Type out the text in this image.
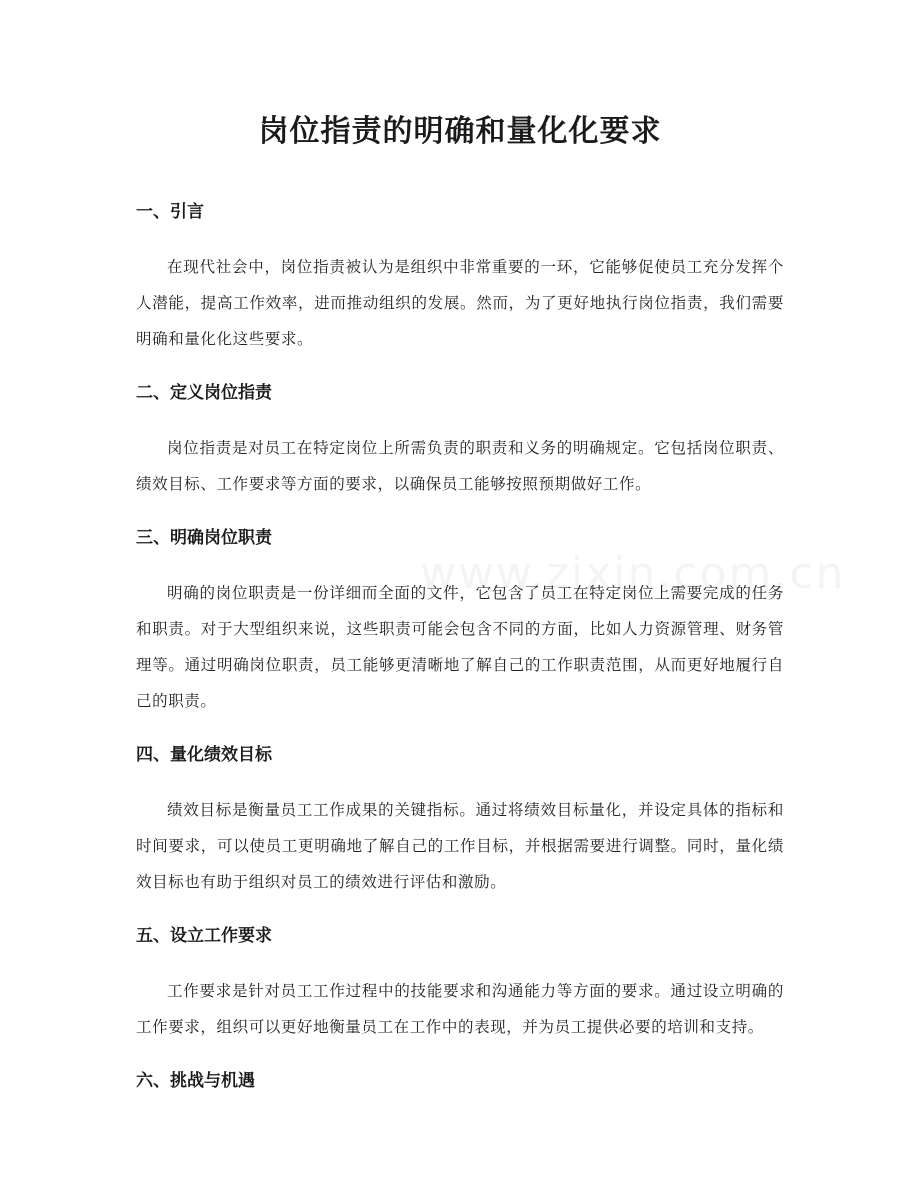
岗位指责的明确和量化化要求
一、引言

在现代社会中，岗位指责被认为是组织中非常重要的一环，它能够促使员工充分发挥个人潜能，提高工作效率，进而推动组织的发展。然而，为了更好地执行岗位指责，我们需要明确和量化化这些要求。

二、定义岗位指责

岗位指责是对员工在特定岗位上所需负责的职责和义务的明确规定。它包括岗位职责、绩效目标、工作要求等方面的要求，以确保员工能够按照预期做好工作。

三、明确岗位职责

明确的岗位职责是一份详细而全面的文件，它包含了员工在特定岗位上需要完成的任务和职责。对于大型组织来说，这些职责可能会包含不同的方面，比如人力资源管理、财务管理等。通过明确岗位职责，员工能够更清晰地了解自己的工作职责范围，从而更好地履行自己的职责。

四、量化绩效目标

绩效目标是衡量员工工作成果的关键指标。通过将绩效目标量化，并设定具体的指标和时间要求，可以使员工更明确地了解自己的工作目标，并根据需要进行调整。同时，量化绩效目标也有助于组织对员工的绩效进行评估和激励。

五、设立工作要求

工作要求是针对员工工作过程中的技能要求和沟通能力等方面的要求。通过设立明确的工作要求，组织可以更好地衡量员工在工作中的表现，并为员工提供必要的培训和支持。

六、挑战与机遇
